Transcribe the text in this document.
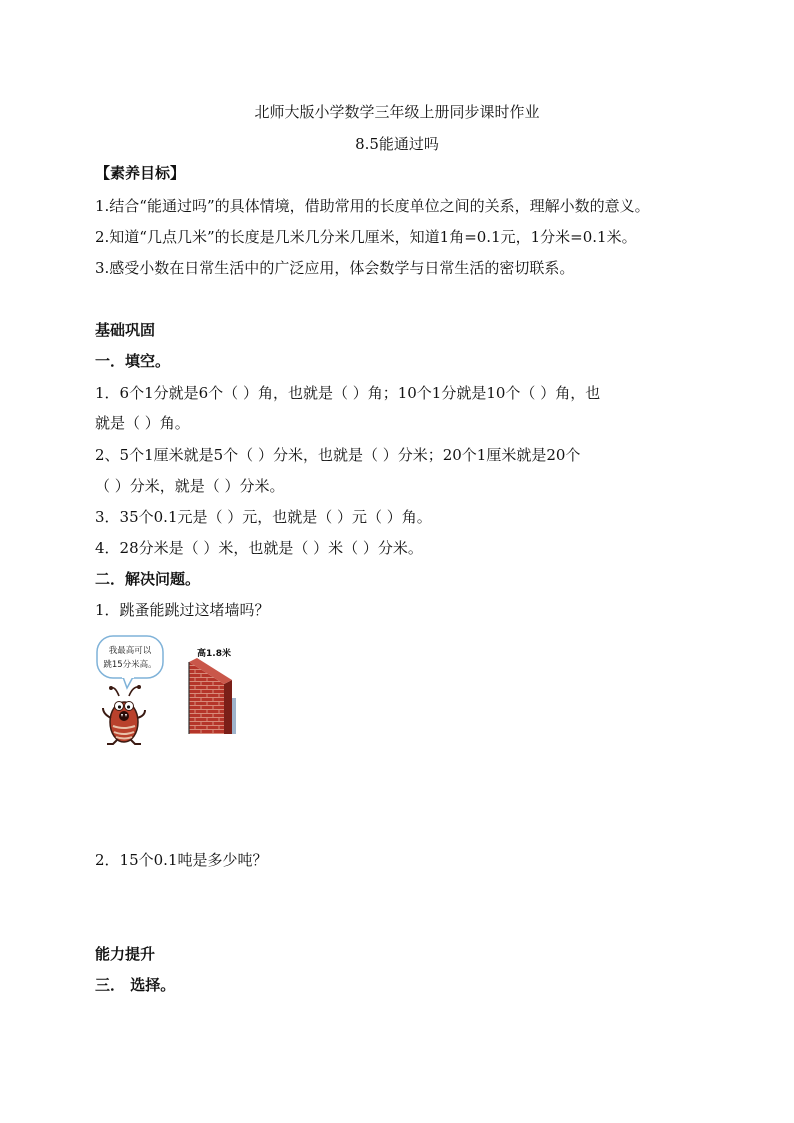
北师大版小学数学三年级上册同步课时作业
8.5能通过吗
【素养目标】
1.结合“能通过吗”的具体情境，借助常用的长度单位之间的关系，理解小数的意义。
2.知道“几点几米”的长度是几米几分米几厘米，知道1角=0.1元，1分米=0.1米。
3.感受小数在日常生活中的广泛应用，体会数学与日常生活的密切联系。
基础巩固
一．填空。
1．6个1分就是6个（ ）角，也就是（ ）角；10个1分就是10个（ ）角，也
就是（ ）角。
2、5个1厘米就是5个（ ）分米，也就是（ ）分米；20个1厘米就是20个
（ ）分米，就是（ ）分米。
3．35个0.1元是（ ）元，也就是（ ）元（ ）角。
4．28分米是（ ）米，也就是（ ）米（ ）分米。
二．解决问题。
1．跳蚤能跳过这堵墙吗？
我最高可以
跳15分米高。
高1.8米
2．15个0.1吨是多少吨？
能力提升
三． 选择。
